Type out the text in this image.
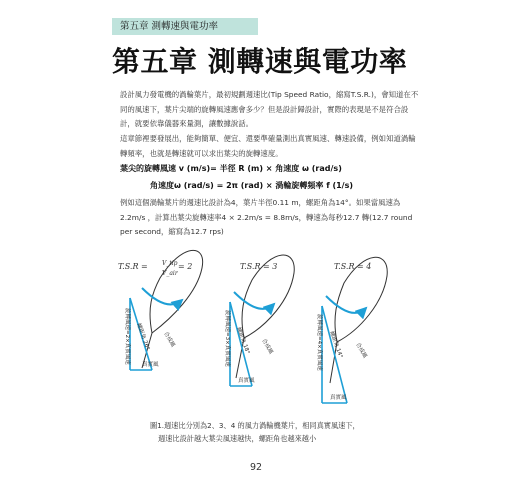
第五章 測轉速與電功率
第五章 測轉速與電功率
設計風力發電機的渦輪葉片，最初規劃週速比(Tip Speed Ratio，縮寫T.S.R.)，會知道在不同的風速下，葉片尖端的旋轉風速應會多少？但是設計歸設計，實際的表現是不是符合設計，就要依靠儀器來量測，讓數據說話。
這章節裡要發展出，能夠簡單、便宜、還要準確量測出真實風速、轉速設備，例如知道渦輪轉頻率，也就是轉速就可以求出葉尖的旋轉速度。
葉尖的旋轉風速 v (m/s)= 半徑 R (m) × 角速度 ω (rad/s)
角速度ω (rad/s) = 2π (rad) × 渦輪旋轉頻率 f (1/s)
例如這個渦輪葉片的週速比設計為4，葉片半徑0.11 m，螺距角為14°。如果當風速為2.2m/s ，計算出葉尖旋轉速率4 × 2.2m/s = 8.8m/s，轉速為每秒12.7 轉(12.7 round per second，縮寫為12.7 rps)
T.S.R = V_tip
V_air
= 2
旋轉風速=2×真實風速 螺距角 26°	合成風
真實風
T.S.R = 3
旋轉風速=3×真實風速 螺距角 18°	合成風
真實風
T.S.R = 4
旋轉風速=4×真實風速	螺距角 14°	合成風
真實風
圖1.週速比分別為2、3、4 的風力渦輪機葉片，相同真實風速下，
週速比設計越大葉尖風速越快，螺距角也越來越小
92
